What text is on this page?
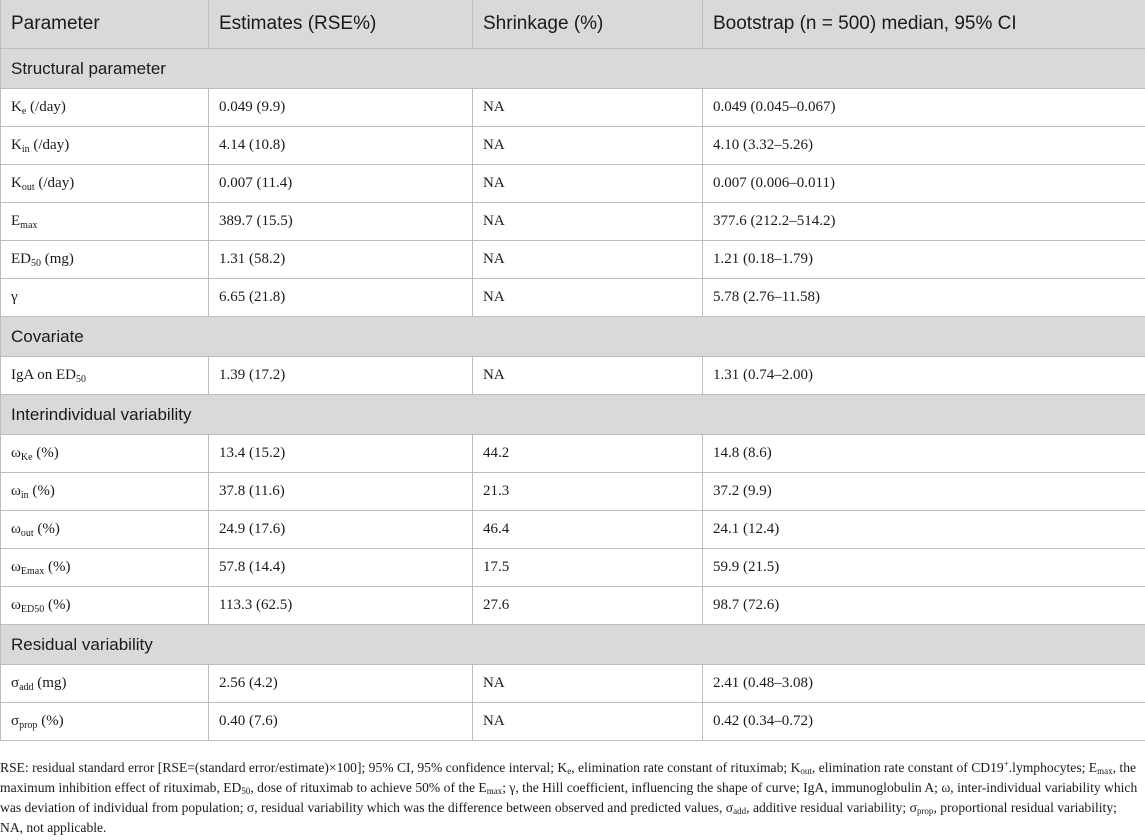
Parameter	Estimates (RSE%)	Shrinkage (%)	Bootstrap (n = 500) median, 95% CI
Structural parameter			
$K_e$ (/day)	0.049 (9.9)	NA	0.049 (0.045–0.067)
$K_{in}$ (/day)	4.14 (10.8)	NA	4.10 (3.32–5.26)
$K_{out}$ (/day)	0.007 (11.4)	NA	0.007 (0.006–0.011)
$E_{max}$	389.7 (15.5)	NA	377.6 (212.2–514.2)
$ED_{50}$ (mg)	1.31 (58.2)	NA	1.21 (0.18–1.79)
γ	6.65 (21.8)	NA	5.78 (2.76–11.58)
Covariate			
IgA on $ED_{50}$	1.39 (17.2)	NA	1.31 (0.74–2.00)
Interindividual variability			
$\omega_{Ke}$ (%)	13.4 (15.2)	44.2	14.8 (8.6)
$\omega_{in}$ (%)	37.8 (11.6)	21.3	37.2 (9.9)
$\omega_{out}$ (%)	24.9 (17.6)	46.4	24.1 (12.4)
$\omega_{Emax}$ (%)	57.8 (14.4)	17.5	59.9 (21.5)
$\omega_{ED50}$ (%)	113.3 (62.5)	27.6	98.7 (72.6)
Residual variability			
$\sigma_{add}$ (mg)	2.56 (4.2)	NA	2.41 (0.48–3.08)
$\sigma_{prop}$ (%)	0.40 (7.6)	NA	0.42 (0.34–0.72)

RSE: residual standard error [RSE=(standard error/estimate)×100]; 95% CI, 95% confidence interval; $K_e$, elimination rate constant of rituximab; $K_{out}$, elimination rate constant of CD19+.lymphocytes; $E_{max}$, the maximum inhibition effect of rituximab, $ED_{50}$, dose of rituximab to achieve 50% of the $E_{max}$; γ, the Hill coefficient, influencing the shape of curve; IgA, immunoglobulin A; ω, inter-individual variability which was deviation of individual from population; σ, residual variability which was the difference between observed and predicted values, $\sigma_{add}$, additive residual variability; $\sigma_{prop}$, proportional residual variability; NA, not applicable.
